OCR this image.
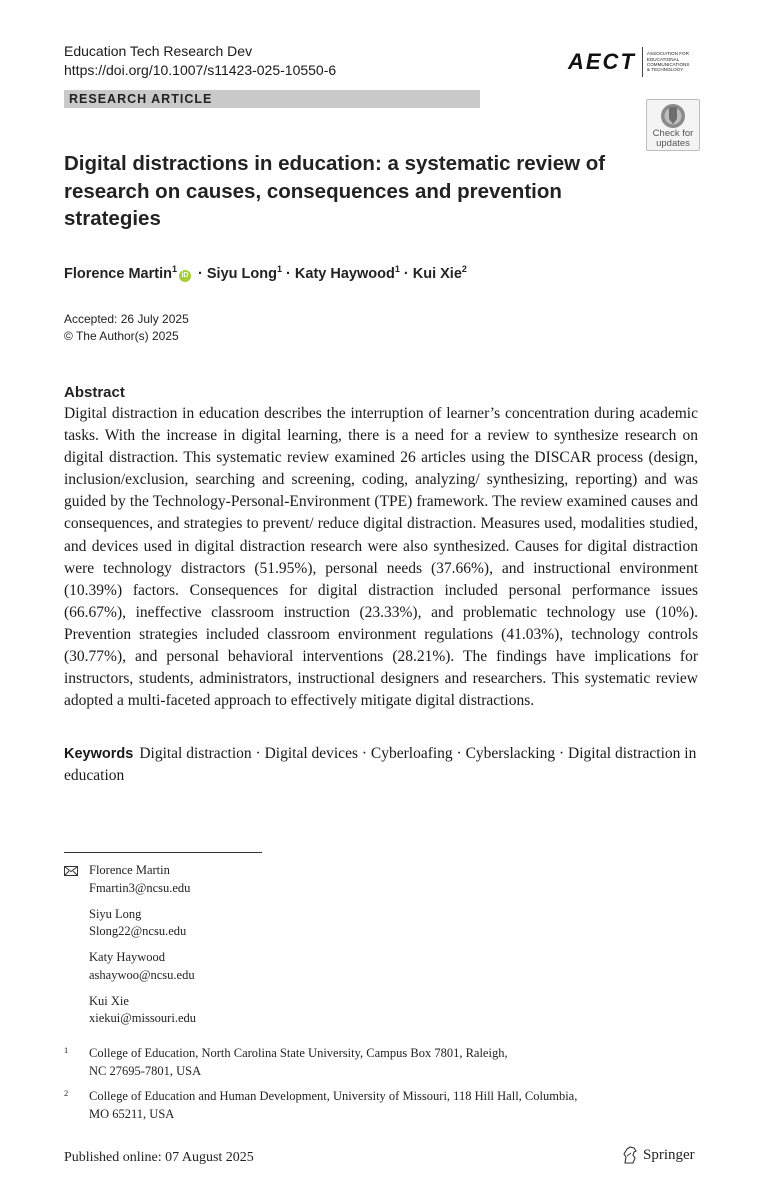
Education Tech Research Dev
https://doi.org/10.1007/s11423-025-10550-6	AECT ASSOCIATION FOR EDUCATIONAL COMMUNICATIONS & TECHNOLOGY
RESEARCH ARTICLE
Check for
updates
Digital distractions in education: a systematic review of research on causes, consequences and prevention strategies
Florence Martin$^1$iD · Siyu Long$^1$ · Katy Haywood$^1$ · Kui Xie$^2$
Accepted: 26 July 2025
© The Author(s) 2025
Abstract
Digital distraction in education describes the interruption of learner’s concentration during academic tasks. With the increase in digital learning, there is a need for a review to synthesize research on digital distraction. This systematic review examined 26 articles using the DISCAR process (design, inclusion/exclusion, searching and screening, coding, analyzing/ synthesizing, reporting) and was guided by the Technology-Personal-Environment (TPE) framework. The review examined causes and consequences, and strategies to prevent/ reduce digital distraction. Measures used, modalities studied, and devices used in digital distraction research were also synthesized. Causes for digital distraction were technology distractors (51.95%), personal needs (37.66%), and instructional environment (10.39%) factors. Consequences for digital distraction included personal performance issues (66.67%), ineffective classroom instruction (23.33%), and problematic technology use (10%). Prevention strategies included classroom environment regulations (41.03%), technology controls (30.77%), and personal behavioral interventions (28.21%). The findings have implications for instructors, students, administrators, instructional designers and researchers. This systematic review adopted a multi-faceted approach to effectively mitigate digital distractions.
Keywords Digital distraction · Digital devices · Cyberloafing · Cyberslacking · Digital distraction in education
Florence Martin
Fmartin3@ncsu.edu
Siyu Long
Slong22@ncsu.edu
Katy Haywood
ashaywoo@ncsu.edu
Kui Xie
xiekui@missouri.edu
1 College of Education, North Carolina State University, Campus Box 7801, Raleigh,
NC 27695-7801, USA
2 College of Education and Human Development, University of Missouri, 118 Hill Hall, Columbia,
MO 65211, USA
Published online: 07 August 2025	Springer
